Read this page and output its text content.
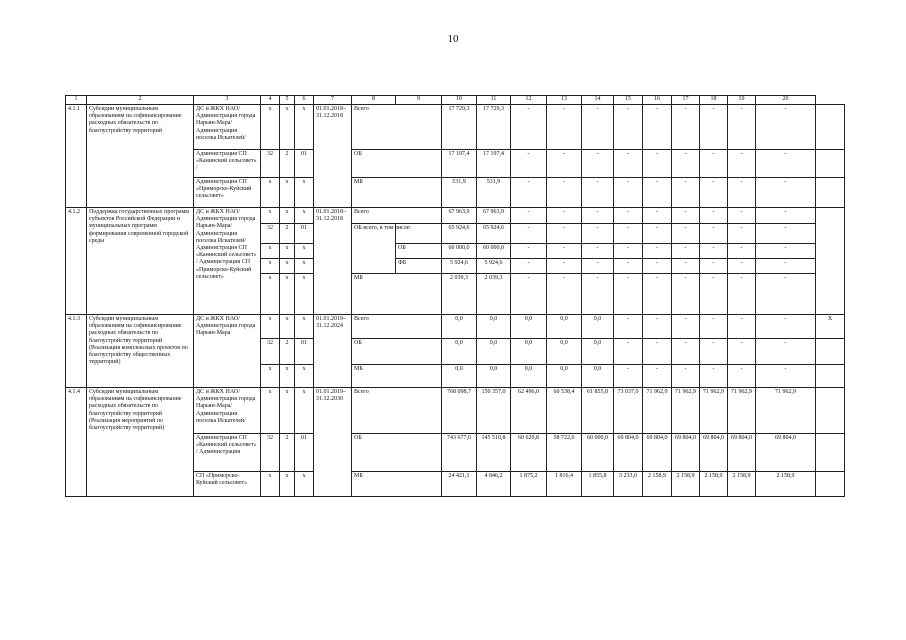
10
1	2	3	4	5	6	7	8	9	10	11	12	13	14	15	16	17	18	19	20	
4.1.1	Субсидии муниципальным образованиям на софинансирование расходных обязательств по благоустройству территорий	ДС и ЖКХ НАО/ Администрация города Нарьян-Мара/ Администрация поселка Искателей/	х	х	х	01.01.2018–31.12.2018	Всего		17 729,3	17 729,3	-	-	-	-	-	-	-	-	-	
		Администрация СП «Канинский сельсовет» /	32	2	01		ОБ		17 197,4	17 197,4	-	-	-	-	-	-	-	-	-	
		Администрация СП «Приморско-Куйский сельсовет»	х	х	х		МБ		531,9	531,9	-	-	-	-	-	-	-	-	-	
4.1.2	Поддержка государственных программ субъектов Российской Федерации и муниципальных программ формирования современной городской среды	ДС и ЖКХ НАО/ Администрация города Нарьян-Мара/ Администрация поселка Искателей/ Администрация СП «Канинский сельсовет» / Администрация СП «Приморско-Куйский сельсовет»	х	х	х	01.01.2018–31.12.2018	Всего		67 963,9	67 963,9	-	-	-	-	-	-	-	-	-	
			32	2	01		ОБ всего, в том числе:		65 924,6	65 924,6	-	-	-	-	-	-	-	-	-	
			х	х	х			ОБ	60 000,0	60 000,0	-	-	-	-	-	-	-	-	-	
			х	х	х			ФБ	5 924,6	5 924,6	-	-	-	-	-	-	-	-	-	
			х	х	х		МБ		2 039,3	2 039,3	-	-	-	-	-	-	-	-	-	
4.1.3	Субсидии муниципальным образованиям на софинансирование расходных обязательств по благоустройству территорий (Реализация комплексных проектов по благоустройству общественных территорий)	ДС и ЖКХ НАО/ Администрация города Нарьян-Мара	х	х	х	01.01.2019–31.12.2024	Всего		0,0	0,0	0,0	0,0	0,0	-	-	-	-	-	-	Х
			32	2	01		ОБ		0,0	0,0	0,0	0,0	0,0	-	-	-	-	-	-	
			х	х	х		МБ		0,0	0,0	0,0	0,0	0,0	-	-	-	-	-	-	
4.1.4	Субсидии муниципальным образованиям на софинансирование расходных обязательств по благоустройству территорий (Реализация мероприятий по благоустройству территорий)	ДС и ЖКХ НАО/ Администрация города Нарьян-Мара/ Администрация поселка Искателей/	х	х	х	01.01.2019–31.12.2030	Всего		768 098,7	150 357,0	62 496,0	60 538,4	61 855,8	73 037,0	71 962,9	71 962,9	71 962,9	71 962,9	71 962,9	
		Администрация СП «Канинский сельсовет» / Администрация	32	2	01		ОБ		743 677,6	145 510,8	60 620,8	58 722,0	60 000,0	69 804,0	69 804,0	69 804,0	69 804,0	69 804,0	69 804,0	
		СП «Приморско-Куйский сельсовет»	х	х	х		МБ		24 421,1	4 846,2	1 875,2	1 816,4	1 855,8	3 233,0	2 158,9	2 158,9	2 158,9	2 158,9	2 158,9	
